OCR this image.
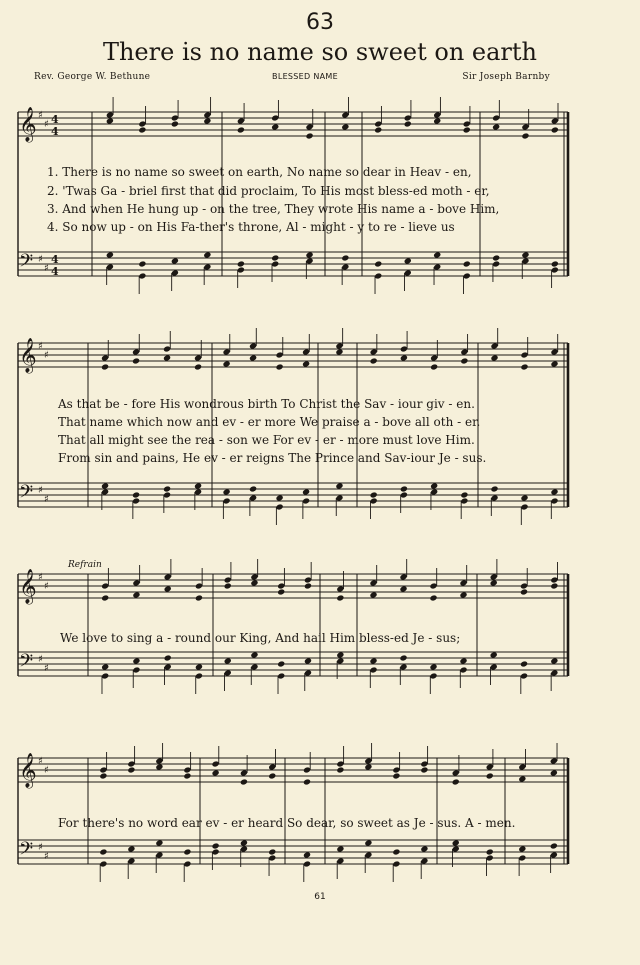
𝄞 ♯
♯ 4
4
𝄢 ♯
♯
4
4
𝄞 ♯
♯
𝄢 ♯
♯
𝄞 ♯
♯
𝄢 ♯
♯
𝄞 ♯
♯
𝄢 ♯
♯
63
There is no name so sweet on earth
Rev. George W. Bethune	BLESSED NAME	Sir Joseph Barnby
1. There is no name so sweet on earth, No name so dear in Heav - en,
2. 'Twas Ga - briel first that did proclaim, To His most bless-ed moth - er,
3. And when He hung up - on the tree, They wrote His name a - bove Him,
4. So now up - on His Fa-ther's throne, Al - might - y to re - lieve us
As that be - fore His wondrous birth To Christ the Sav - iour giv - en.
That name which now and ev - er more We praise a - bove all oth - er.
That all might see the rea - son we For ev - er - more must love Him.
From sin and pains, He ev - er reigns The Prince and Sav-iour Je - sus.
Refrain
We love to sing a - round our King, And hail Him bless-ed Je - sus;
For there's no word ear ev - er heard So dear, so sweet as Je - sus. A - men.
61
